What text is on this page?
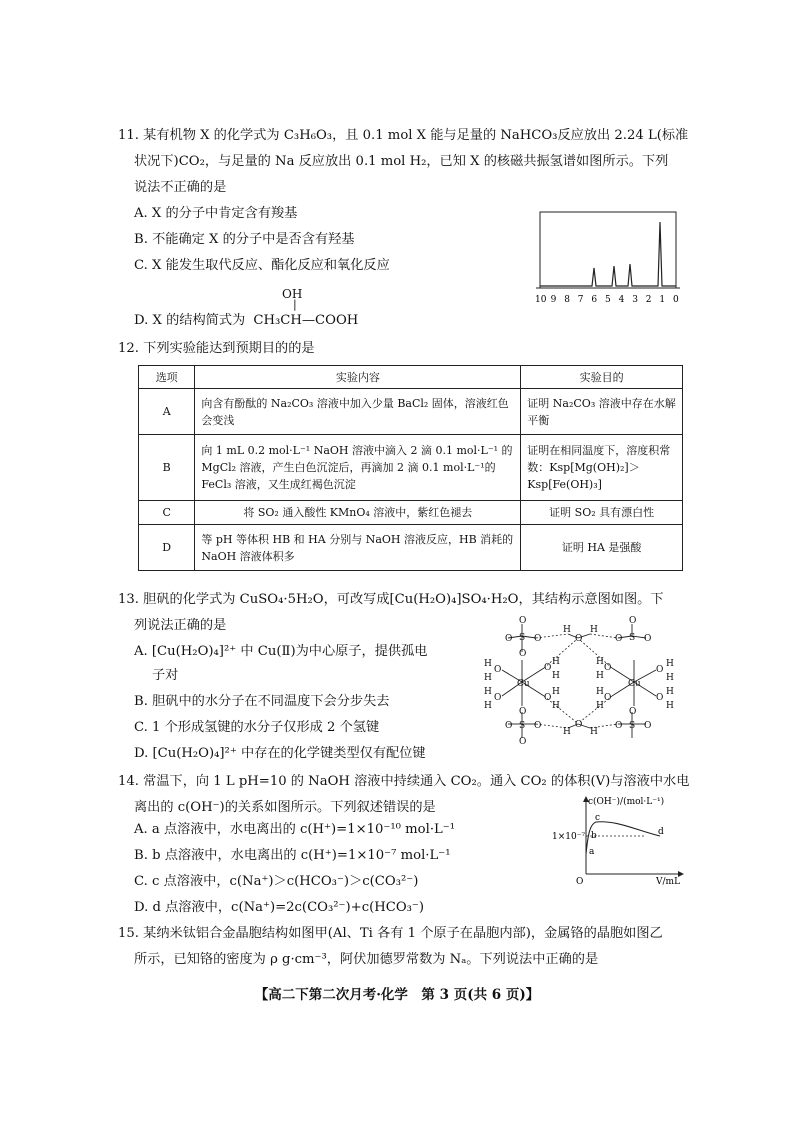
11. 某有机物 X 的化学式为 C₃H₆O₃，且 0.1 mol X 能与足量的 NaHCO₃反应放出 2.24 L(标准
状况下)CO₂，与足量的 Na 反应放出 0.1 mol H₂，已知 X 的核磁共振氢谱如图所示。下列
说法不正确的是
A. X 的分子中肯定含有羧基
B. 不能确定 X 的分子中是否含有羟基
C. X 能发生取代反应、酯化反应和氧化反应
OH
|
D. X 的结构简式为 CH₃CH—COOH
10 9 8 7 6 5 4 3 2 1 0
12. 下列实验能达到预期目的的是
选项	实验内容	实验目的
A	向含有酚酞的 Na₂CO₃ 溶液中加入少量 BaCl₂ 固体，溶液红色会变浅	证明 Na₂CO₃ 溶液中存在水解平衡
B	向 1 mL 0.2 mol·L⁻¹ NaOH 溶液中滴入 2 滴 0.1 mol·L⁻¹ 的 MgCl₂ 溶液，产生白色沉淀后，再滴加 2 滴 0.1 mol·L⁻¹的 FeCl₃ 溶液，又生成红褐色沉淀	证明在相同温度下，溶度积常数：Ksp[Mg(OH)₂]＞Ksp[Fe(OH)₃]
C	将 SO₂ 通入酸性 KMnO₄ 溶液中，紫红色褪去	证明 SO₂ 具有漂白性
D	等 pH 等体积 HB 和 HA 分别与 NaOH 溶液反应，HB 消耗的 NaOH 溶液体积多	证明 HA 是强酸
13. 胆矾的化学式为 CuSO₄·5H₂O，可改写成[Cu(H₂O)₄]SO₄·H₂O，其结构示意图如图。下
列说法正确的是
A. [Cu(H₂O)₄]²⁺ 中 Cu(Ⅱ)为中心原子，提供孤电
子对
B. 胆矾中的水分子在不同温度下会分步失去
C. 1 个形成氢键的水分子仅形成 2 个氢键
D. [Cu(H₂O)₄]²⁺ 中存在的化学键类型仅有配位键
Cu	Cu
O
S
O O
O
O
S
O O
O
S
O O
O
O
S
O O
O
H H
O
H H
O
H
H
O
H
H
O
H
H
O
H
H
O
H
H
O
H
H
O
H
H
O
H
H
14. 常温下，向 1 L pH=10 的 NaOH 溶液中持续通入 CO₂。通入 CO₂ 的体积(V)与溶液中水电
离出的 c(OH⁻)的关系如图所示。下列叙述错误的是
A. a 点溶液中，水电离出的 c(H⁺)=1×10⁻¹⁰ mol·L⁻¹
B. b 点溶液中，水电离出的 c(H⁺)=1×10⁻⁷ mol·L⁻¹
C. c 点溶液中，c(Na⁺)＞c(HCO₃⁻)＞c(CO₃²⁻)
D. d 点溶液中，c(Na⁺)=2c(CO₃²⁻)+c(HCO₃⁻)
c(OH⁻)/(mol·L⁻¹)
1×10⁻⁷
O	V/mL
a
b
c
d
15. 某纳米钛铝合金晶胞结构如图甲(Al、Ti 各有 1 个原子在晶胞内部)，金属铬的晶胞如图乙
所示，已知铬的密度为 ρ g·cm⁻³，阿伏加德罗常数为 Nₐ。下列说法中正确的是
【高二下第二次月考·化学　第 3 页(共 6 页)】
